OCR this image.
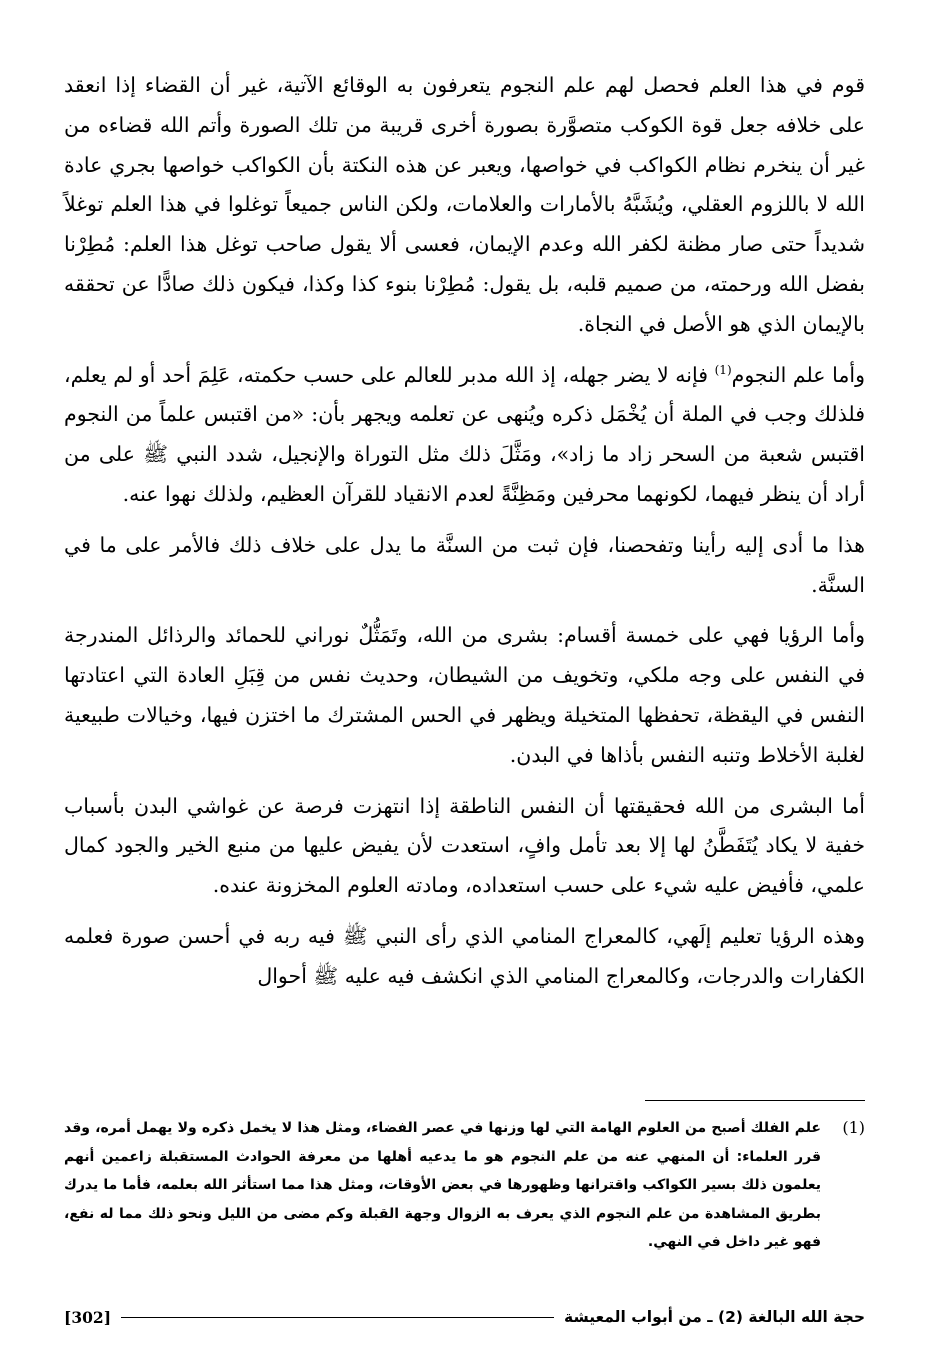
قوم في هذا العلم فحصل لهم علم النجوم يتعرفون به الوقائع الآتية، غير أن القضاء إذا انعقد على خلافه جعل قوة الكوكب متصوَّرة بصورة أخرى قريبة من تلك الصورة وأتم الله قضاءه من غير أن ينخرم نظام الكواكب في خواصها، ويعبر عن هذه النكتة بأن الكواكب خواصها بجري عادة الله لا باللزوم العقلي، ويُشَبَّهُ بالأمارات والعلامات، ولكن الناس جميعاً توغلوا في هذا العلم توغلاً شديداً حتى صار مظنة لكفر الله وعدم الإيمان، فعسى ألا يقول صاحب توغل هذا العلم: مُطِرْنا بفضل الله ورحمته، من صميم قلبه، بل يقول: مُطِرْنا بنوء كذا وكذا، فيكون ذلك صادًّا عن تحققه بالإيمان الذي هو الأصل في النجاة.

وأما علم النجوم$^{(1)}$ فإنه لا يضر جهله، إذ الله مدبر للعالم على حسب حكمته، عَلِمَ أحد أو لم يعلم، فلذلك وجب في الملة أن يُخْمَل ذكره ويُنهى عن تعلمه ويجهر بأن: «من اقتبس علماً من النجوم اقتبس شعبة من السحر زاد ما زاد»، ومَثَّلَ ذلك مثل التوراة والإنجيل، شدد النبي ﷺ على من أراد أن ينظر فيهما، لكونهما محرفين ومَظِنَّةً لعدم الانقياد للقرآن العظيم، ولذلك نهوا عنه.

هذا ما أدى إليه رأينا وتفحصنا، فإن ثبت من السنَّة ما يدل على خلاف ذلك فالأمر على ما في السنَّة.

وأما الرؤيا فهي على خمسة أقسام: بشرى من الله، وتَمَثُّلٌ نوراني للحمائد والرذائل المندرجة في النفس على وجه ملكي، وتخويف من الشيطان، وحديث نفس من قِبَلِ العادة التي اعتادتها النفس في اليقظة، تحفظها المتخيلة ويظهر في الحس المشترك ما اختزن فيها، وخيالات طبيعية لغلبة الأخلاط وتنبه النفس بأذاها في البدن.

أما البشرى من الله فحقيقتها أن النفس الناطقة إذا انتهزت فرصة عن غواشي البدن بأسباب خفية لا يكاد يُتَفَطَّنُ لها إلا بعد تأمل وافٍ، استعدت لأن يفيض عليها من منبع الخير والجود كمال علمي، فأفيض عليه شيء على حسب استعداده، ومادته العلوم المخزونة عنده.

وهذه الرؤيا تعليم إلَهي، كالمعراج المنامي الذي رأى النبي ﷺ فيه ربه في أحسن صورة فعلمه الكفارات والدرجات، وكالمعراج المنامي الذي انكشف فيه عليه ﷺ أحوال

(1)
علم الفلك أصبح من العلوم الهامة التي لها وزنها في عصر الفضاء، ومثل هذا لا يخمل ذكره ولا يهمل أمره، وقد قرر العلماء: أن المنهي عنه من علم النجوم هو ما يدعيه أهلها من معرفة الحوادث المستقبلة زاعمين أنهم يعلمون ذلك بسير الكواكب واقترانها وظهورها في بعض الأوقات، ومثل هذا مما استأثر الله بعلمه، فأما ما يدرك بطريق المشاهدة من علم النجوم الذي يعرف به الزوال وجهة القبلة وكم مضى من الليل ونحو ذلك مما له نفع، فهو غير داخل في النهي.
حجة الله البالغة (2) ـ من أبواب المعيشة
[302]
